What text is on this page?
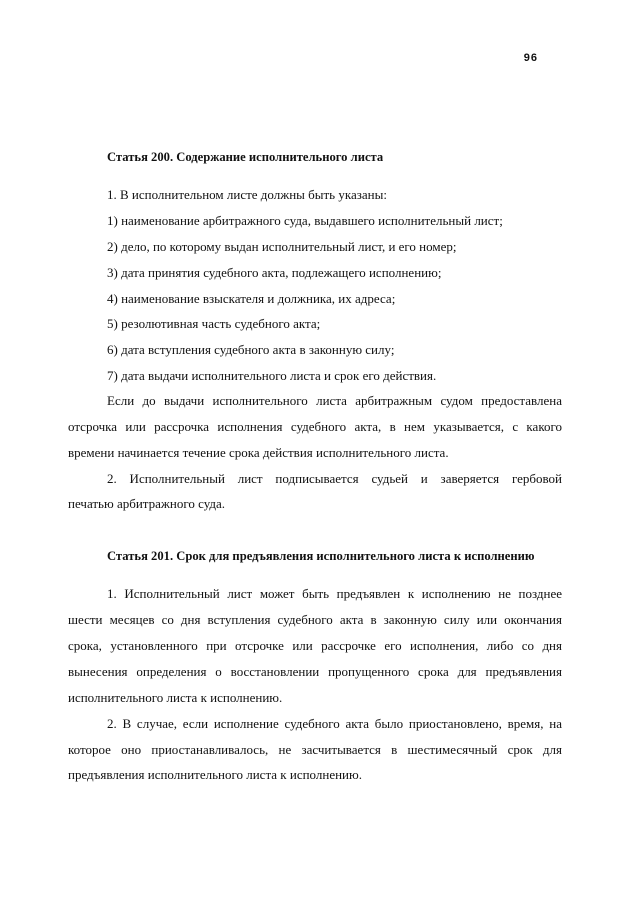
96
Статья 200. Содержание исполнительного листа
1. В исполнительном листе должны быть указаны:
1) наименование арбитражного суда, выдавшего исполнительный лист;
2) дело, по которому выдан исполнительный лист, и его номер;
3) дата принятия судебного акта, подлежащего исполнению;
4) наименование взыскателя и должника, их адреса;
5) резолютивная часть судебного акта;
6) дата вступления судебного акта в законную силу;
7) дата выдачи исполнительного листа и срок его действия.
Если до выдачи исполнительного листа арбитражным судом предоставлена
отсрочка или рассрочка исполнения судебного акта, в нем указывается, с какого
времени начинается течение срока действия исполнительного листа.
2. Исполнительный лист подписывается судьей и заверяется гербовой
печатью арбитражного суда.
Статья 201. Срок для предъявления исполнительного листа к исполнению
1. Исполнительный лист может быть предъявлен к исполнению не позднее
шести месяцев со дня вступления судебного акта в законную силу или окончания
срока, установленного при отсрочке или рассрочке его исполнения, либо со дня
вынесения определения о восстановлении пропущенного срока для предъявления
исполнительного листа к исполнению.
2. В случае, если исполнение судебного акта было приостановлено, время, на
которое оно приостанавливалось, не засчитывается в шестимесячный срок для
предъявления исполнительного листа к исполнению.
